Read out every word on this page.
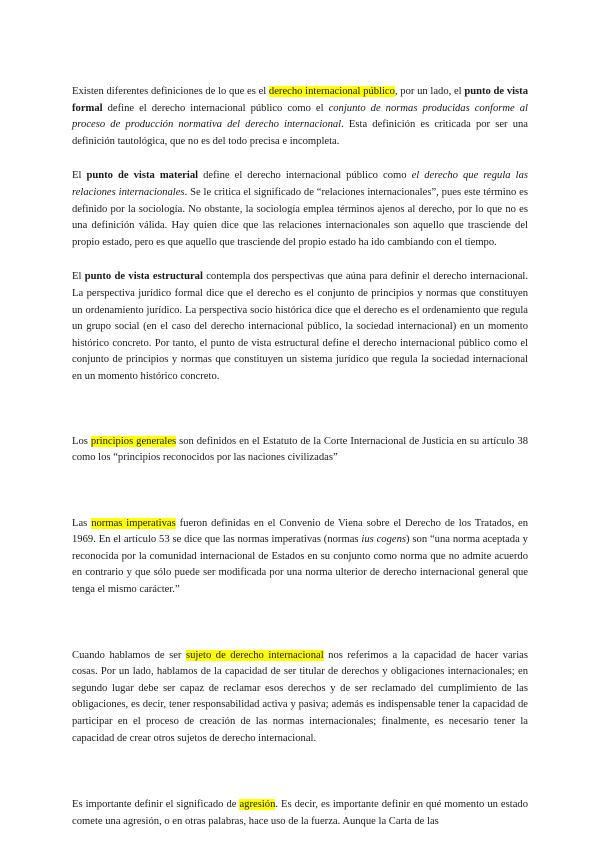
Existen diferentes definiciones de lo que es el derecho internacional público, por un lado, el punto de vista formal define el derecho internacional público como el conjunto de normas producidas conforme al proceso de producción normativa del derecho internacional. Esta definición es criticada por ser una definición tautológica, que no es del todo precisa e incompleta.

El punto de vista material define el derecho internacional público como el derecho que regula las relaciones internacionales. Se le critica el significado de “relaciones internacionales”, pues este término es definido por la sociología. No obstante, la sociología emplea términos ajenos al derecho, por lo que no es una definición válida. Hay quien dice que las relaciones internacionales son aquello que trasciende del propio estado, pero es que aquello que trasciende del propio estado ha ido cambiando con el tiempo.

El punto de vista estructural contempla dos perspectivas que aúna para definir el derecho internacional. La perspectiva jurídico formal dice que el derecho es el conjunto de principios y normas que constituyen un ordenamiento jurídico. La perspectiva socio histórica dice que el derecho es el ordenamiento que regula un grupo social (en el caso del derecho internacional público, la sociedad internacional) en un momento histórico concreto. Por tanto, el punto de vista estructural define el derecho internacional público como el conjunto de principios y normas que constituyen un sistema jurídico que regula la sociedad internacional en un momento histórico concreto.

Los principios generales son definidos en el Estatuto de la Corte Internacional de Justicia en su artículo 38 como los “principios reconocidos por las naciones civilizadas”

Las normas imperativas fueron definidas en el Convenio de Viena sobre el Derecho de los Tratados, en 1969. En el artículo 53 se dice que las normas imperativas (normas ius cogens) son “una norma aceptada y reconocida por la comunidad internacional de Estados en su conjunto como norma que no admite acuerdo en contrario y que sólo puede ser modificada por una norma ulterior de derecho internacional general que tenga el mismo carácter.”

Cuando hablamos de ser sujeto de derecho internacional nos referimos a la capacidad de hacer varias cosas. Por un lado, hablamos de la capacidad de ser titular de derechos y obligaciones internacionales; en segundo lugar debe ser capaz de reclamar esos derechos y de ser reclamado del cumplimiento de las obligaciones, es decir, tener responsabilidad activa y pasiva; además es indispensable tener la capacidad de participar en el proceso de creación de las normas internacionales; finalmente, es necesario tener la capacidad de crear otros sujetos de derecho internacional.

Es importante definir el significado de agresión. Es decir, es importante definir en qué momento un estado comete una agresión, o en otras palabras, hace uso de la fuerza. Aunque la Carta de las
